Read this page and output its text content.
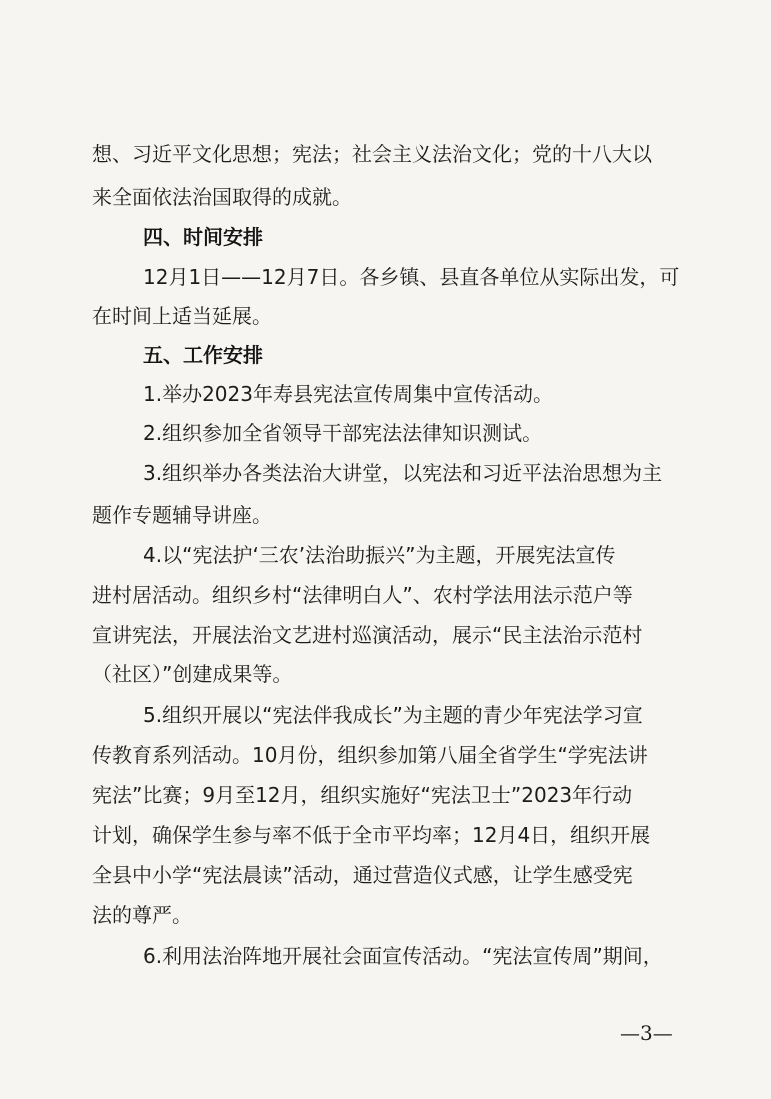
想、习近平文化思想；宪法；社会主义法治文化；党的十八大以

来全面依法治国取得的成就。

四、时间安排

12月1日——12月7日。各乡镇、县直各单位从实际出发，可

在时间上适当延展。

五、工作安排

1.举办2023年寿县宪法宣传周集中宣传活动。

2.组织参加全省领导干部宪法法律知识测试。

3.组织举办各类法治大讲堂，以宪法和习近平法治思想为主

题作专题辅导讲座。

4.以“宪法护‘三农’法治助振兴”为主题，开展宪法宣传

进村居活动。组织乡村“法律明白人”、农村学法用法示范户等

宣讲宪法，开展法治文艺进村巡演活动，展示“民主法治示范村

（社区）”创建成果等。

5.组织开展以“宪法伴我成长”为主题的青少年宪法学习宣

传教育系列活动。10月份，组织参加第八届全省学生“学宪法讲

宪法”比赛；9月至12月，组织实施好“宪法卫士”2023年行动

计划，确保学生参与率不低于全市平均率；12月4日，组织开展

全县中小学“宪法晨读”活动，通过营造仪式感，让学生感受宪

法的尊严。

6.利用法治阵地开展社会面宣传活动。“宪法宣传周”期间，

—3—
